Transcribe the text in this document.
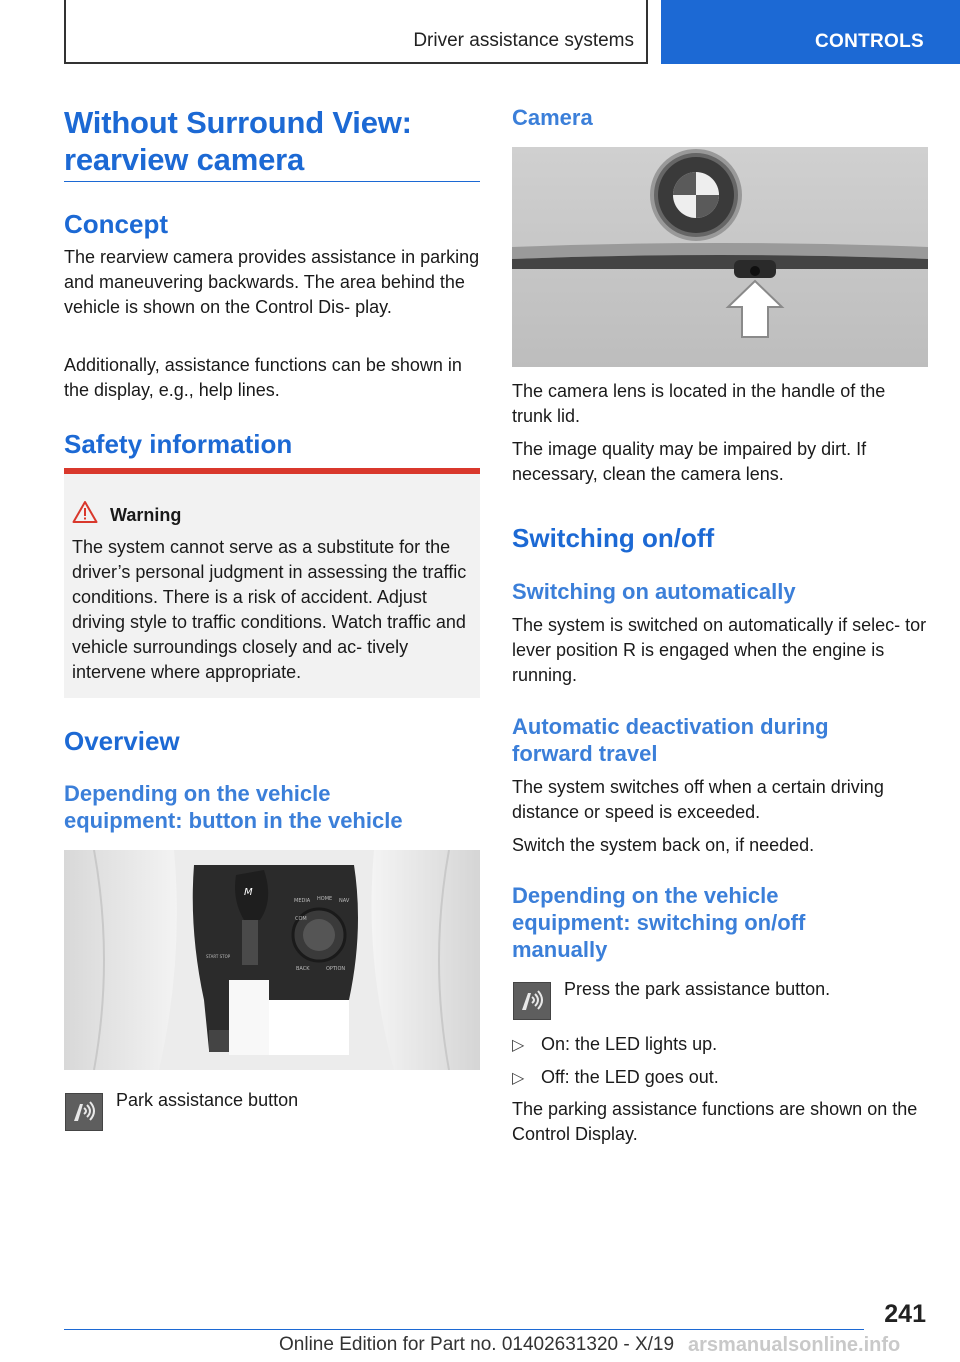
Driver assistance systems	CONTROLS
Without Surround View:
rearview camera
Concept
The rearview camera provides assistance in parking and maneuvering backwards. The area behind the vehicle is shown on the Control Dis‑ play.
Additionally, assistance functions can be shown in the display, e.g., help lines.
Safety information
Warning
The system cannot serve as a substitute for the driver’s personal judgment in assessing the traffic conditions. There is a risk of accident. Adjust driving style to traffic conditions. Watch traffic and vehicle surroundings closely and ac‑ tively intervene where appropriate.
Overview
Depending on the vehicle
equipment: button in the vehicle
M
MEDIA HOME NAV
COM
BACK	OPTION
START STOP
Park assistance button
Camera
The camera lens is located in the handle of the trunk lid.
The image quality may be impaired by dirt. If necessary, clean the camera lens.
Switching on/off
Switching on automatically
The system is switched on automatically if selec‑ tor lever position R is engaged when the engine is running.
Automatic deactivation during
forward travel
The system switches off when a certain driving distance or speed is exceeded.
Switch the system back on, if needed.
Depending on the vehicle
equipment: switching on/off
manually
Press the park assistance button.
▷ On: the LED lights up.
▷ Off: the LED goes out.
The parking assistance functions are shown on the Control Display.
241
Online Edition for Part no. 01402631320 - X/19 arsmanualsonline.info
